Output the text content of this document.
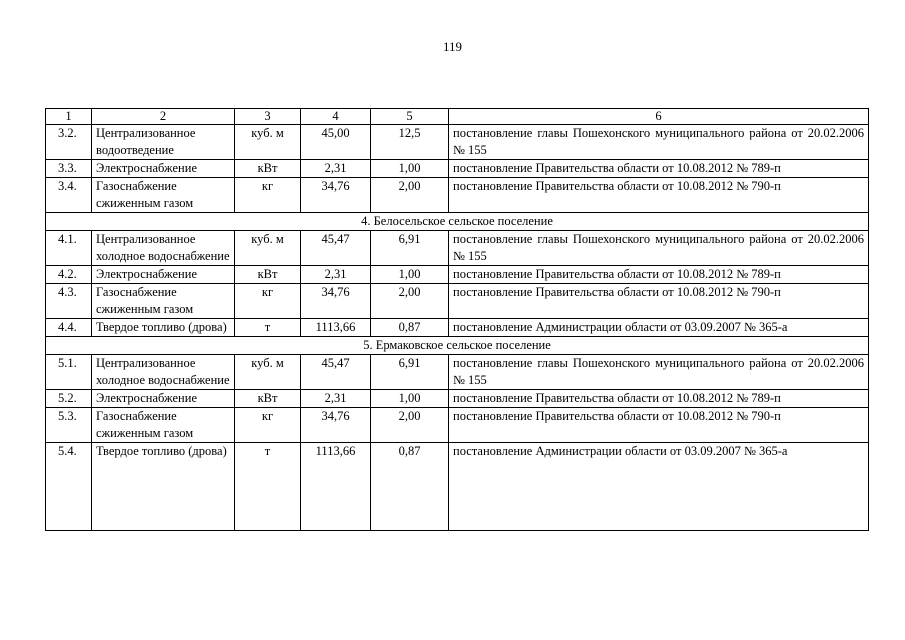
119
1	2	3	4	5	6
3.2.	Централизованное водоотведение	куб. м	45,00	12,5	постановление главы Пошехонского муниципального района от 20.02.2006 № 155
3.3.	Электроснабжение	кВт	2,31	1,00	постановление Правительства области от 10.08.2012 № 789-п
3.4.	Газоснабжение сжиженным газом	кг	34,76	2,00	постановление Правительства области от 10.08.2012 № 790-п
4. Белосельское сельское поселение					
4.1.	Централизованное холодное водоснабжение	куб. м	45,47	6,91	постановление главы Пошехонского муниципального района от 20.02.2006 № 155
4.2.	Электроснабжение	кВт	2,31	1,00	постановление Правительства области от 10.08.2012 № 789-п
4.3.	Газоснабжение сжиженным газом	кг	34,76	2,00	постановление Правительства области от 10.08.2012 № 790-п
4.4.	Твердое топливо (дрова)	т	1113,66	0,87	постановление Администрации области от 03.09.2007 № 365-а
5. Ермаковское сельское поселение					
5.1.	Централизованное холодное водоснабжение	куб. м	45,47	6,91	постановление главы Пошехонского муниципального района от 20.02.2006 № 155
5.2.	Электроснабжение	кВт	2,31	1,00	постановление Правительства области от 10.08.2012 № 789-п
5.3.	Газоснабжение сжиженным газом	кг	34,76	2,00	постановление Правительства области от 10.08.2012 № 790-п
5.4.	Твердое топливо (дрова)	т	1113,66	0,87	постановление Администрации области от 03.09.2007 № 365-а
